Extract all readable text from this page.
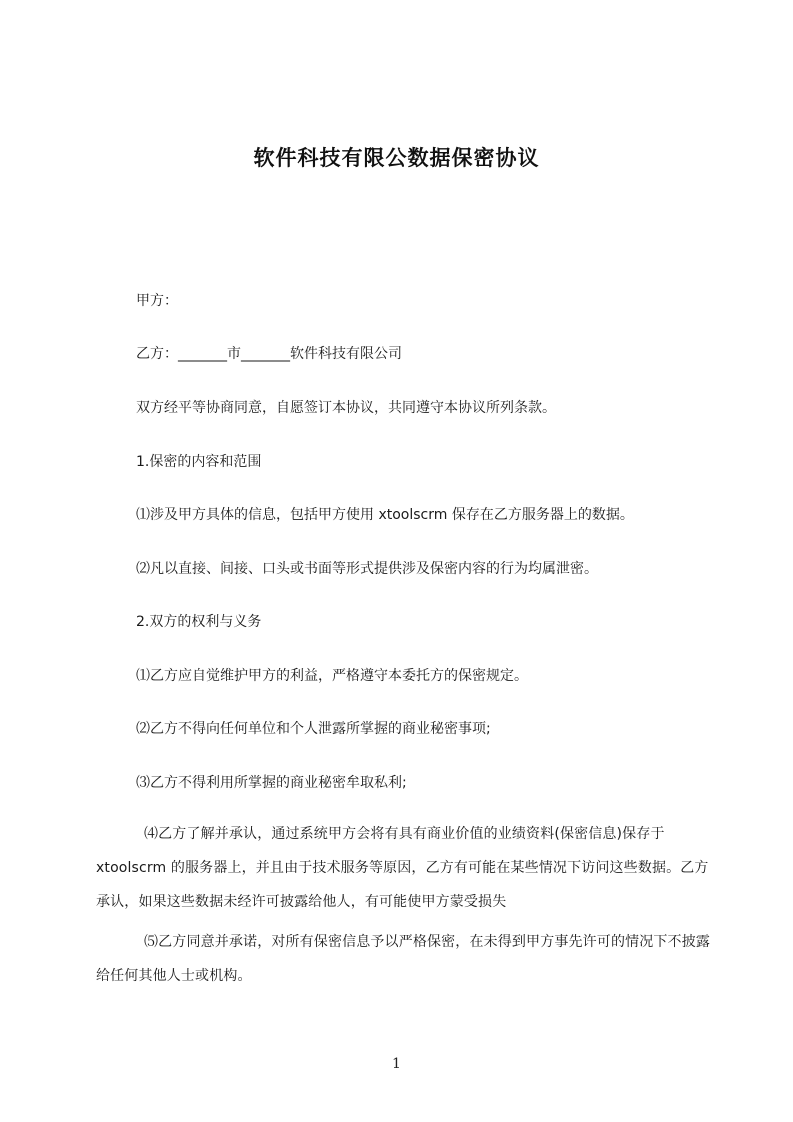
软件科技有限公数据保密协议
甲方：
乙方：_______市_______软件科技有限公司
双方经平等协商同意，自愿签订本协议，共同遵守本协议所列条款。
1.保密的内容和范围
⑴涉及甲方具体的信息，包括甲方使用 xtoolscrm 保存在乙方服务器上的数据。
⑵凡以直接、间接、口头或书面等形式提供涉及保密内容的行为均属泄密。
2.双方的权利与义务
⑴乙方应自觉维护甲方的利益，严格遵守本委托方的保密规定。
⑵乙方不得向任何单位和个人泄露所掌握的商业秘密事项;
⑶乙方不得利用所掌握的商业秘密牟取私利;
⑷乙方了解并承认，通过系统甲方会将有具有商业价值的业绩资料(保密信息)保存于 xtoolscrm 的服务器上，并且由于技术服务等原因，乙方有可能在某些情况下访问这些数据。乙方承认，如果这些数据未经许可披露给他人，有可能使甲方蒙受损失
⑸乙方同意并承诺，对所有保密信息予以严格保密，在未得到甲方事先许可的情况下不披露给任何其他人士或机构。
1
